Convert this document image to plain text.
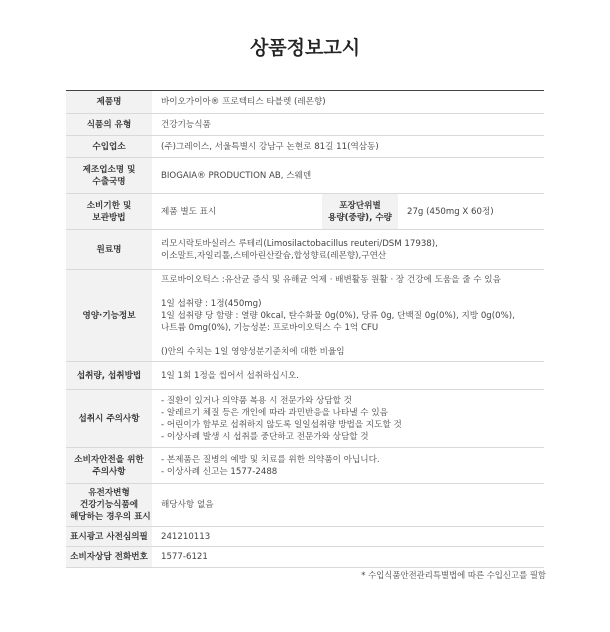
상품정보고시
제품명	바이오가이아® 프로텍티스 타블렛 (레몬향)		
식품의 유형	건강기능식품		
수입업소	(주)그레이스, 서울특별시 강남구 논현로 81길 11(역삼동)		

제조업소명 및
수출국명	BIOGAIA® PRODUCTION AB, 스웨덴		

소비기한 및
보관방법	제품 별도 표시	포장단위별
용량(중량), 수량	27g (450mg X 60정)
원료명	리모시락토바실러스 루테리(Limosilactobacillus reuteri/DSM 17938),
이소말트,자일리톨,스테아린산칼슘,합성향료(레몬향),구연산		

영양·기능정보	프로바이오틱스 :유산균 증식 및 유해균 억제 · 배변활동 원활 · 장 건강에 도움을 줄 수 있음
1일 섭취량 : 1정(450mg)
1일 섭취량 당 함량 : 열량 0kcal, 탄수화물 0g(0%), 당류 0g, 단백질 0g(0%), 지방 0g(0%),
나트륨 0mg(0%), 기능성분: 프로바이오틱스 수 1억 CFU
()안의 수치는 1일 영양성분기준치에 대한 비율임		

섭취량, 섭취방법	1일 1회 1정을 씹어서 섭취하십시오.		
섭취시 주의사항	- 질환이 있거나 의약품 복용 시 전문가와 상담할 것
- 알레르기 체질 등은 개인에 따라 과민반응을 나타낼 수 있음
- 어린이가 함부로 섭취하지 않도록 일일섭취량 방법을 지도할 것
- 이상사례 발생 시 섭취를 중단하고 전문가와 상담할 것		

소비자안전을 위한
주의사항	- 본제품은 질병의 예방 및 치료를 위한 의약품이 아닙니다.
- 이상사례 신고는 1577-2488		

유전자변형
건강기능식품에
해당하는 경우의 표시	해당사항 없음		
표시광고 사전심의필	241210113		
소비자상담 전화번호	1577-6121		
* 수입식품안전관리특별법에 따른 수입신고를 필함
